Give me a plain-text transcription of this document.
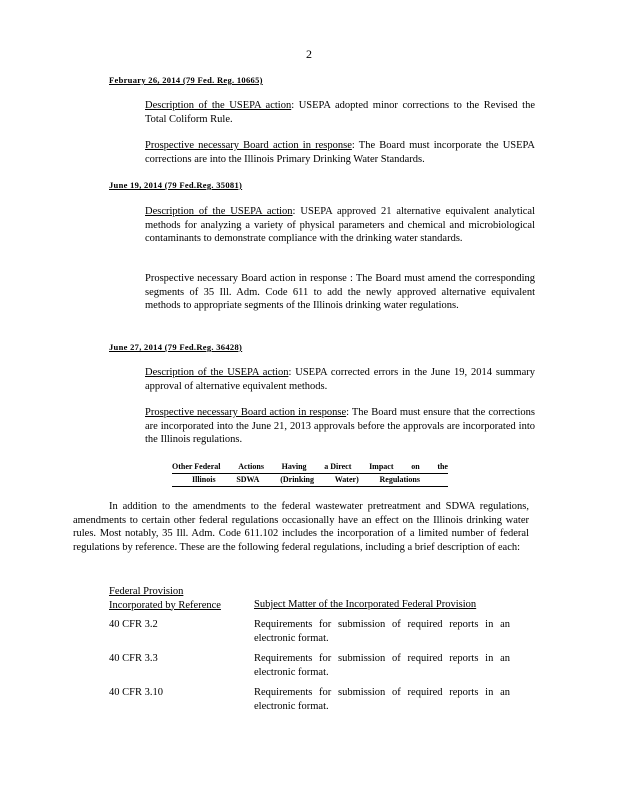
2
February 26, 2014 (79 Fed. Reg. 10665)
Description of the USEPA action: USEPA adopted minor corrections to the Revised the Total Coliform Rule.
Prospective necessary Board action in response: The Board must incorporate the USEPA corrections are into the Illinois Primary Drinking Water Standards.
June 19, 2014 (79 Fed.Reg. 35081)
Description of the USEPA action: USEPA approved 21 alternative equivalent analytical methods for analyzing a variety of physical parameters and chemical and microbiological contaminants to demonstrate compliance with the drinking water standards.
Prospective necessary Board action in response : The Board must amend the corresponding segments of 35 Ill. Adm. Code 611 to add the newly approved alternative equivalent methods to appropriate segments of the Illinois drinking water regulations.
June 27, 2014 (79 Fed.Reg. 36428)
Description of the USEPA action: USEPA corrected errors in the June 19, 2014 summary approval of alternative equivalent methods.
Prospective necessary Board action in response: The Board must ensure that the corrections are incorporated into the June 21, 2013 approvals before the approvals are incorporated into the Illinois regulations.
Other Federal Actions Having a Direct Impact on the
Illinois	SDWA	(Drinking	Water)	Regulations
In addition to the amendments to the federal wastewater pretreatment and SDWA regulations, amendments to certain other federal regulations occasionally have an effect on the Illinois drinking water rules. Most notably, 35 Ill. Adm. Code 611.102 includes the incorporation of a limited number of federal regulations by reference. These are the following federal regulations, including a brief description of each:
Federal Provision
Incorporated by Reference	Subject Matter of the Incorporated Federal Provision
40 CFR 3.2	Requirements for submission of required reports in an electronic format.
40 CFR 3.3	Requirements for submission of required reports in an electronic format.
40 CFR 3.10	Requirements for submission of required reports in an electronic format.
